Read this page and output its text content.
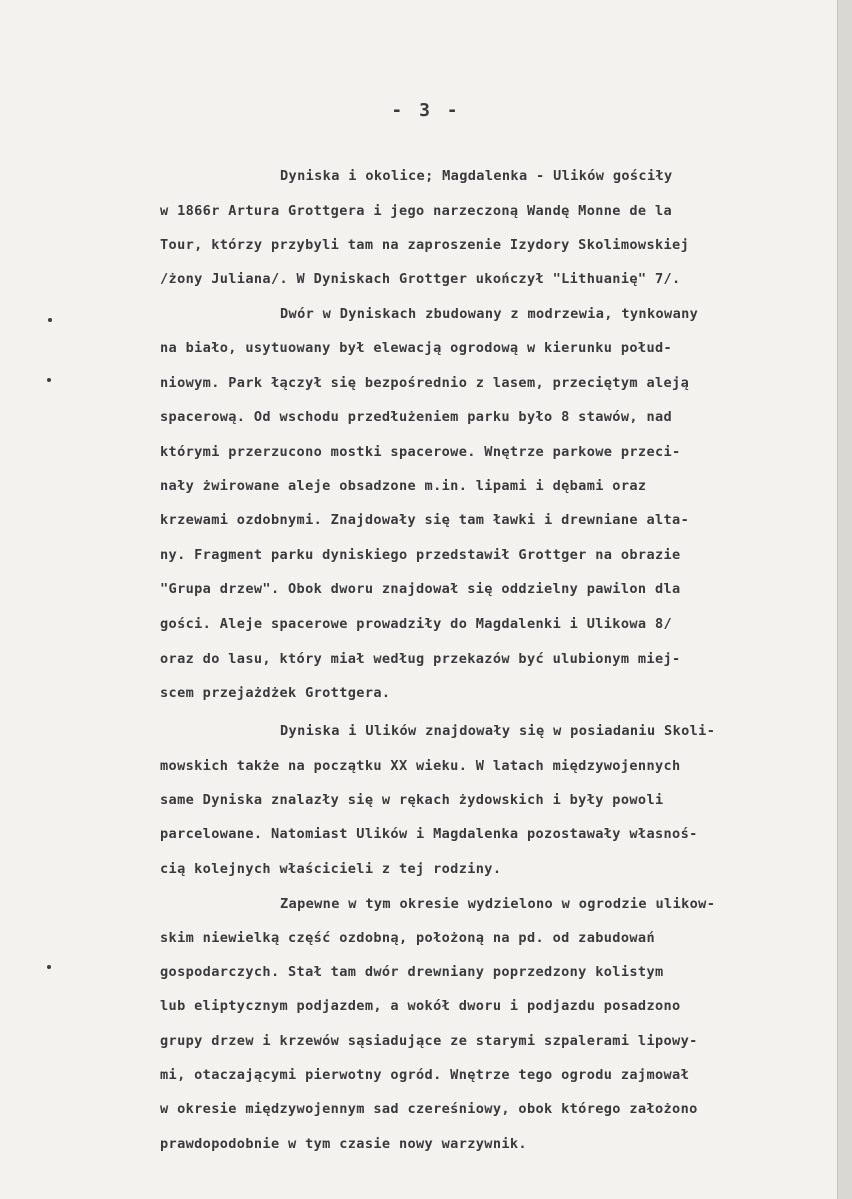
- 3 -
Dyniska i okolice; Magdalenka - Ulików gościły
w 1866r Artura Grottgera i jego narzeczoną Wandę Monne de la
Tour, którzy przybyli tam na zaproszenie Izydory Skolimowskiej
/żony Juliana/. W Dyniskach Grottger ukończył "Lithuanię" 7/.
Dwór w Dyniskach zbudowany z modrzewia, tynkowany
na biało, usytuowany był elewacją ogrodową w kierunku połud-
niowym. Park łączył się bezpośrednio z lasem, przeciętym aleją
spacerową. Od wschodu przedłużeniem parku było 8 stawów, nad
którymi przerzucono mostki spacerowe. Wnętrze parkowe przeci-
nały żwirowane aleje obsadzone m.in. lipami i dębami oraz
krzewami ozdobnymi. Znajdowały się tam ławki i drewniane altа-
ny. Fragment parku dyniskiego przedstawił Grottger na obrazie
"Grupa drzew". Obok dworu znajdował się oddzielny pawilon dla
gości. Aleje spacerowe prowadziły do Magdalenki i Ulikowa 8/
oraz do lasu, który miał według przekazów być ulubionym miej-
scem przejażdżek Grottgera.
Dyniska i Ulików znajdowały się w posiadaniu Skoli-
mowskich także na początku XX wieku. W latach międzywojennych
same Dyniska znalazły się w rękach żydowskich i były powoli
parcelowane. Natomiast Ulików i Magdalenka pozostawały własnoś-
cią kolejnych właścicieli z tej rodziny.
Zapewne w tym okresie wydzielono w ogrodzie ulikow-
skim niewielką część ozdobną, położoną na pd. od zabudowań
gospodarczych. Stał tam dwór drewniany poprzedzony kolistym
lub eliptycznym podjazdem, a wokół dworu i podjazdu posadzono
grupy drzew i krzewów sąsiadujące ze starymi szpalerami lipowy-
mi, otaczającymi pierwotny ogród. Wnętrze tego ogrodu zajmował
w okresie międzywojennym sad czereśniowy, obok którego założono
prawdopodobnie w tym czasie nowy warzywnik.
